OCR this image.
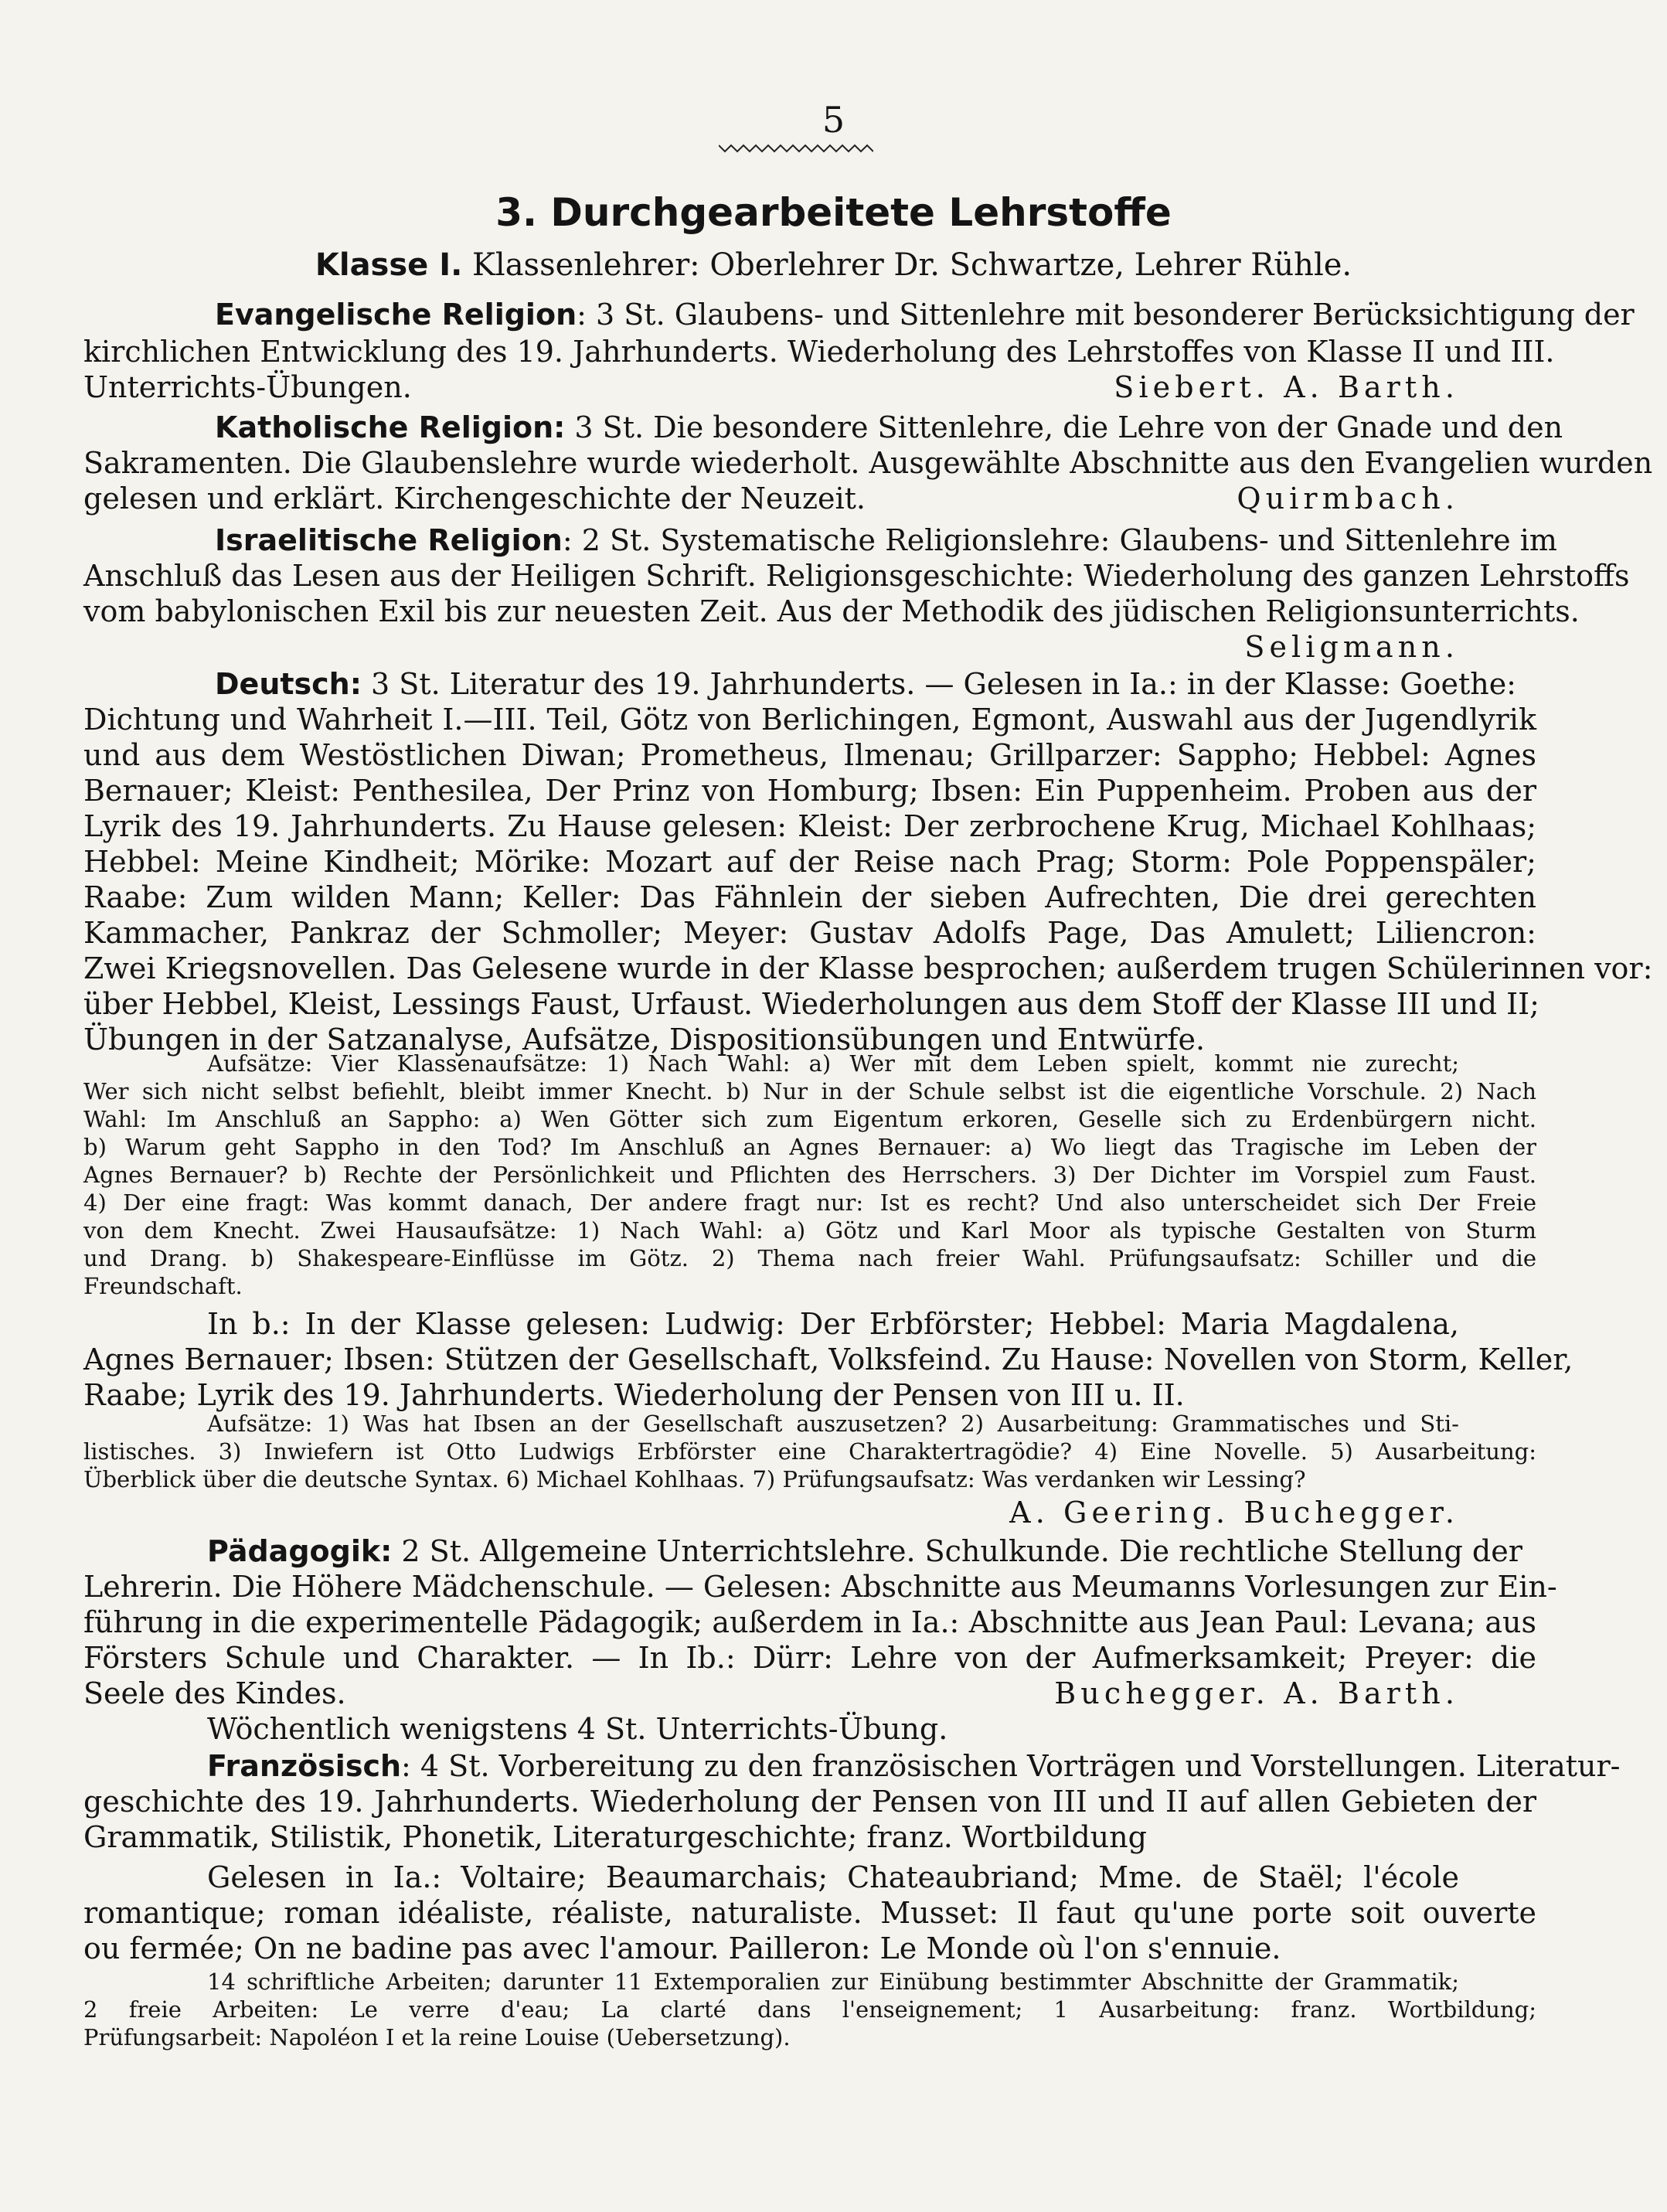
5
3. Durchgearbeitete Lehrstoffe
Klasse I. Klassenlehrer: Oberlehrer Dr. Schwartze, Lehrer Rühle.
Evangelische Religion: 3 St. Glaubens- und Sittenlehre mit besonderer Berücksichtigung der
kirchlichen Entwicklung des 19. Jahrhunderts. Wiederholung des Lehrstoffes von Klasse II und III.
Unterrichts-Übungen.	Siebert. A. Barth.
Katholische Religion: 3 St. Die besondere Sittenlehre, die Lehre von der Gnade und den
Sakramenten. Die Glaubenslehre wurde wiederholt. Ausgewählte Abschnitte aus den Evangelien wurden
gelesen und erklärt. Kirchengeschichte der Neuzeit.	Quirmbach.
Israelitische Religion: 2 St. Systematische Religionslehre: Glaubens- und Sittenlehre im
Anschluß das Lesen aus der Heiligen Schrift. Religionsgeschichte: Wiederholung des ganzen Lehrstoffs
vom babylonischen Exil bis zur neuesten Zeit. Aus der Methodik des jüdischen Religionsunterrichts.
Seligmann.
Deutsch: 3 St. Literatur des 19. Jahrhunderts. — Gelesen in Ia.: in der Klasse: Goethe:
Dichtung und Wahrheit I.—III. Teil, Götz von Berlichingen, Egmont, Auswahl aus der Jugendlyrik
und aus dem Westöstlichen Diwan; Prometheus, Ilmenau; Grillparzer: Sappho; Hebbel: Agnes
Bernauer; Kleist: Penthesilea, Der Prinz von Homburg; Ibsen: Ein Puppenheim. Proben aus der
Lyrik des 19. Jahrhunderts. Zu Hause gelesen: Kleist: Der zerbrochene Krug, Michael Kohlhaas;
Hebbel: Meine Kindheit; Mörike: Mozart auf der Reise nach Prag; Storm: Pole Poppenspäler;
Raabe: Zum wilden Mann; Keller: Das Fähnlein der sieben Aufrechten, Die drei gerechten
Kammacher, Pankraz der Schmoller; Meyer: Gustav Adolfs Page, Das Amulett; Liliencron:
Zwei Kriegsnovellen. Das Gelesene wurde in der Klasse besprochen; außerdem trugen Schülerinnen vor:
über Hebbel, Kleist, Lessings Faust, Urfaust. Wiederholungen aus dem Stoff der Klasse III und II;
Übungen in der Satzanalyse, Aufsätze, Dispositionsübungen und Entwürfe.
Aufsätze: Vier Klassenaufsätze: 1) Nach Wahl: a) Wer mit dem Leben spielt, kommt nie zurecht;
Wer sich nicht selbst befiehlt, bleibt immer Knecht. b) Nur in der Schule selbst ist die eigentliche Vorschule. 2) Nach
Wahl: Im Anschluß an Sappho: a) Wen Götter sich zum Eigentum erkoren, Geselle sich zu Erdenbürgern nicht.
b) Warum geht Sappho in den Tod? Im Anschluß an Agnes Bernauer: a) Wo liegt das Tragische im Leben der
Agnes Bernauer? b) Rechte der Persönlichkeit und Pflichten des Herrschers. 3) Der Dichter im Vorspiel zum Faust.
4) Der eine fragt: Was kommt danach, Der andere fragt nur: Ist es recht? Und also unterscheidet sich Der Freie
von dem Knecht. Zwei Hausaufsätze: 1) Nach Wahl: a) Götz und Karl Moor als typische Gestalten von Sturm
und Drang. b) Shakespeare-Einflüsse im Götz. 2) Thema nach freier Wahl. Prüfungsaufsatz: Schiller und die
Freundschaft.
In b.: In der Klasse gelesen: Ludwig: Der Erbförster; Hebbel: Maria Magdalena,
Agnes Bernauer; Ibsen: Stützen der Gesellschaft, Volksfeind. Zu Hause: Novellen von Storm, Keller,
Raabe; Lyrik des 19. Jahrhunderts. Wiederholung der Pensen von III u. II.
Aufsätze: 1) Was hat Ibsen an der Gesellschaft auszusetzen? 2) Ausarbeitung: Grammatisches und Sti-
listisches. 3) Inwiefern ist Otto Ludwigs Erbförster eine Charaktertragödie? 4) Eine Novelle. 5) Ausarbeitung:
Überblick über die deutsche Syntax. 6) Michael Kohlhaas. 7) Prüfungsaufsatz: Was verdanken wir Lessing?
A. Geering. Buchegger.
Pädagogik: 2 St. Allgemeine Unterrichtslehre. Schulkunde. Die rechtliche Stellung der
Lehrerin. Die Höhere Mädchenschule. — Gelesen: Abschnitte aus Meumanns Vorlesungen zur Ein-
führung in die experimentelle Pädagogik; außerdem in Ia.: Abschnitte aus Jean Paul: Levana; aus
Försters Schule und Charakter. — In Ib.: Dürr: Lehre von der Aufmerksamkeit; Preyer: die
Seele des Kindes.	Buchegger. A. Barth.
Wöchentlich wenigstens 4 St. Unterrichts-Übung.
Französisch: 4 St. Vorbereitung zu den französischen Vorträgen und Vorstellungen. Literatur-
geschichte des 19. Jahrhunderts. Wiederholung der Pensen von III und II auf allen Gebieten der
Grammatik, Stilistik, Phonetik, Literaturgeschichte; franz. Wortbildung
Gelesen in Ia.: Voltaire; Beaumarchais; Chateaubriand; Mme. de Staël; l'école
romantique; roman idéaliste, réaliste, naturaliste. Musset: Il faut qu'une porte soit ouverte
ou fermée; On ne badine pas avec l'amour. Pailleron: Le Monde où l'on s'ennuie.
14 schriftliche Arbeiten; darunter 11 Extemporalien zur Einübung bestimmter Abschnitte der Grammatik;
2 freie Arbeiten: Le verre d'eau; La clarté dans l'enseignement; 1 Ausarbeitung: franz. Wortbildung;
Prüfungsarbeit: Napoléon I et la reine Louise (Uebersetzung).
